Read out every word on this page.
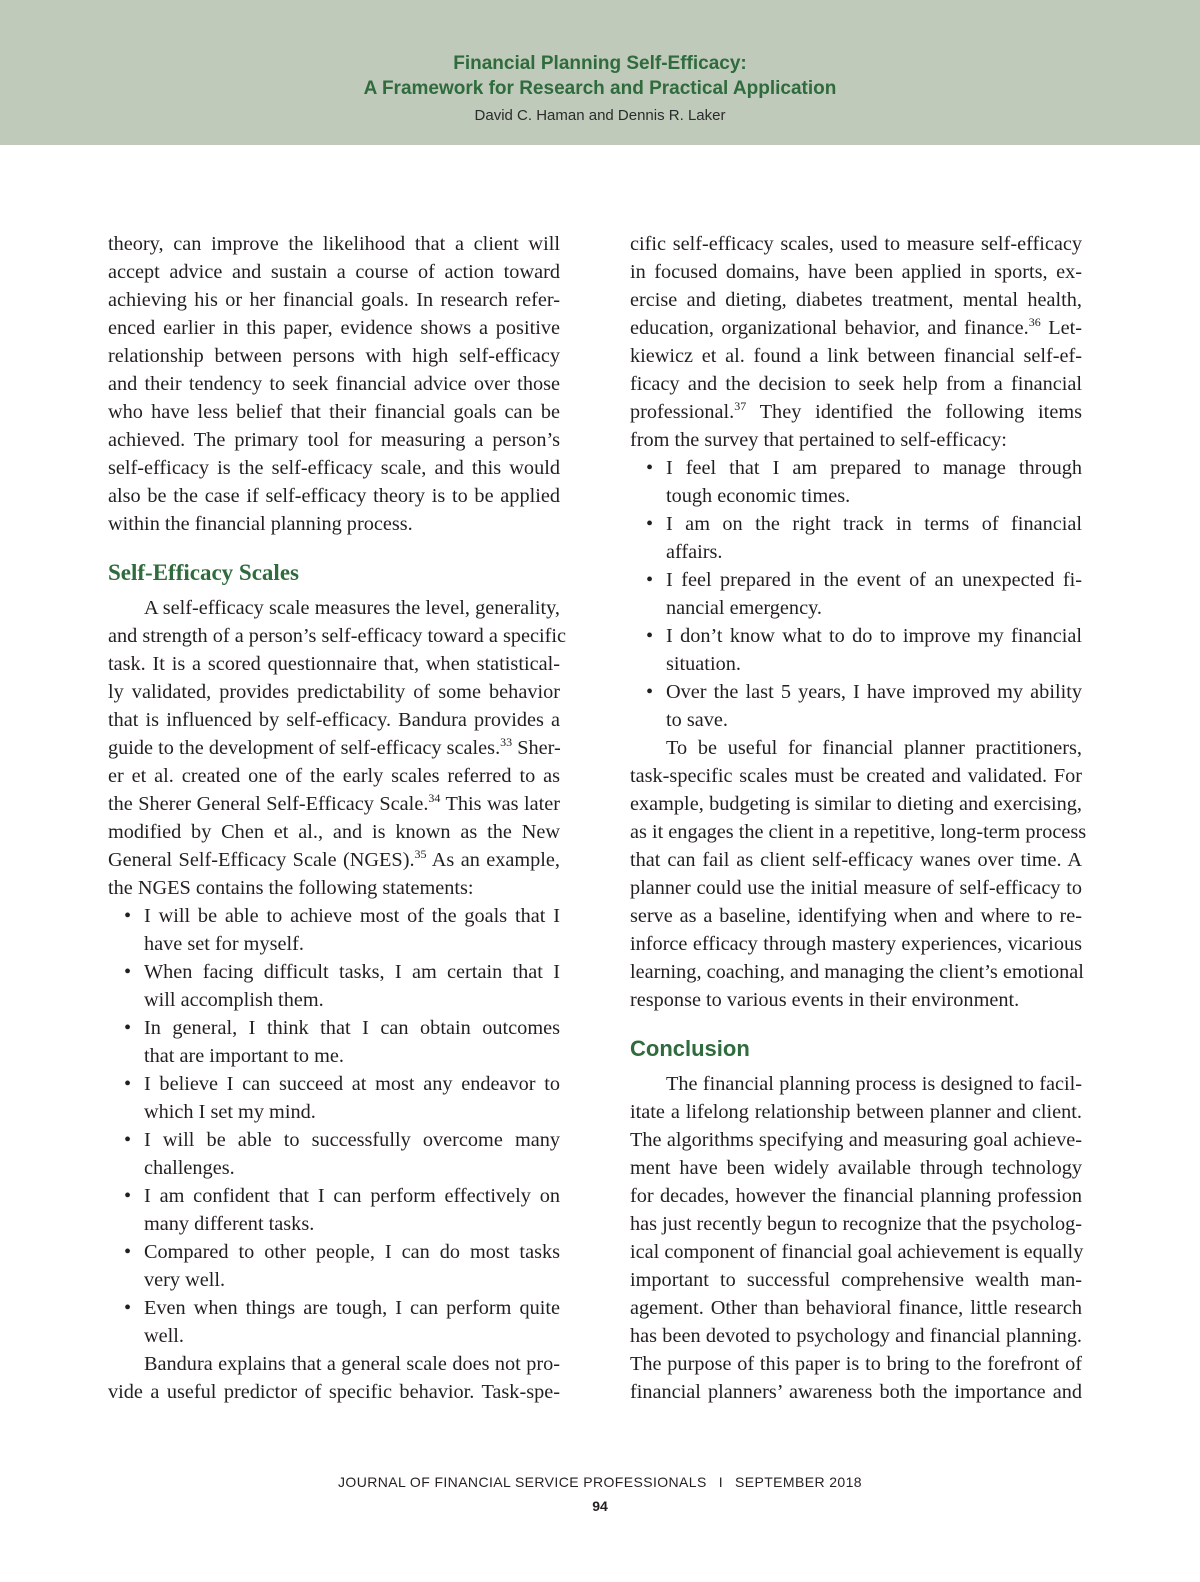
Financial Planning Self-Efficacy:
A Framework for Research and Practical Application
David C. Haman and Dennis R. Laker
theory, can improve the likelihood that a client will
accept advice and sustain a course of action toward
achieving his or her financial goals. In research refer-
enced earlier in this paper, evidence shows a positive
relationship between persons with high self-efficacy
and their tendency to seek financial advice over those
who have less belief that their financial goals can be
achieved. The primary tool for measuring a person’s
self-efficacy is the self-efficacy scale, and this would
also be the case if self-efficacy theory is to be applied
within the financial planning process.
Self-Efficacy Scales
A self-efficacy scale measures the level, generality,
and strength of a person’s self-efficacy toward a specific
task. It is a scored questionnaire that, when statistical-
ly validated, provides predictability of some behavior
that is influenced by self-efficacy. Bandura provides a
guide to the development of self-efficacy scales.$^{33}$ Sher-
er et al. created one of the early scales referred to as
the Sherer General Self-Efficacy Scale.$^{34}$ This was later
modified by Chen et al., and is known as the New
General Self-Efficacy Scale (NGES).$^{35}$ As an example,
the NGES contains the following statements:
• I will be able to achieve most of the goals that I
have set for myself.
• When facing difficult tasks, I am certain that I
will accomplish them.
• In general, I think that I can obtain outcomes
that are important to me.
• I believe I can succeed at most any endeavor to
which I set my mind.
• I will be able to successfully overcome many
challenges.
• I am confident that I can perform effectively on
many different tasks.
• Compared to other people, I can do most tasks
very well.
• Even when things are tough, I can perform quite
well.
Bandura explains that a general scale does not pro-
vide a useful predictor of specific behavior. Task-spe-
cific self-efficacy scales, used to measure self-efficacy
in focused domains, have been applied in sports, ex-
ercise and dieting, diabetes treatment, mental health,
education, organizational behavior, and finance.$^{36}$ Let-
kiewicz et al. found a link between financial self-ef-
ficacy and the decision to seek help from a financial
professional.$^{37}$ They identified the following items
from the survey that pertained to self-efficacy:
• I feel that I am prepared to manage through
tough economic times.
• I am on the right track in terms of financial
affairs.
• I feel prepared in the event of an unexpected fi-
nancial emergency.
• I don’t know what to do to improve my financial
situation.
• Over the last 5 years, I have improved my ability
to save.
To be useful for financial planner practitioners,
task-specific scales must be created and validated. For
example, budgeting is similar to dieting and exercising,
as it engages the client in a repetitive, long-term process
that can fail as client self-efficacy wanes over time. A
planner could use the initial measure of self-efficacy to
serve as a baseline, identifying when and where to re-
inforce efficacy through mastery experiences, vicarious
learning, coaching, and managing the client’s emotional
response to various events in their environment.
Conclusion
The financial planning process is designed to facil-
itate a lifelong relationship between planner and client.
The algorithms specifying and measuring goal achieve-
ment have been widely available through technology
for decades, however the financial planning profession
has just recently begun to recognize that the psycholog-
ical component of financial goal achievement is equally
important to successful comprehensive wealth man-
agement. Other than behavioral finance, little research
has been devoted to psychology and financial planning.
The purpose of this paper is to bring to the forefront of
financial planners’ awareness both the importance and
JOURNAL OF FINANCIAL SERVICE PROFESSIONALS I SEPTEMBER 2018
94
